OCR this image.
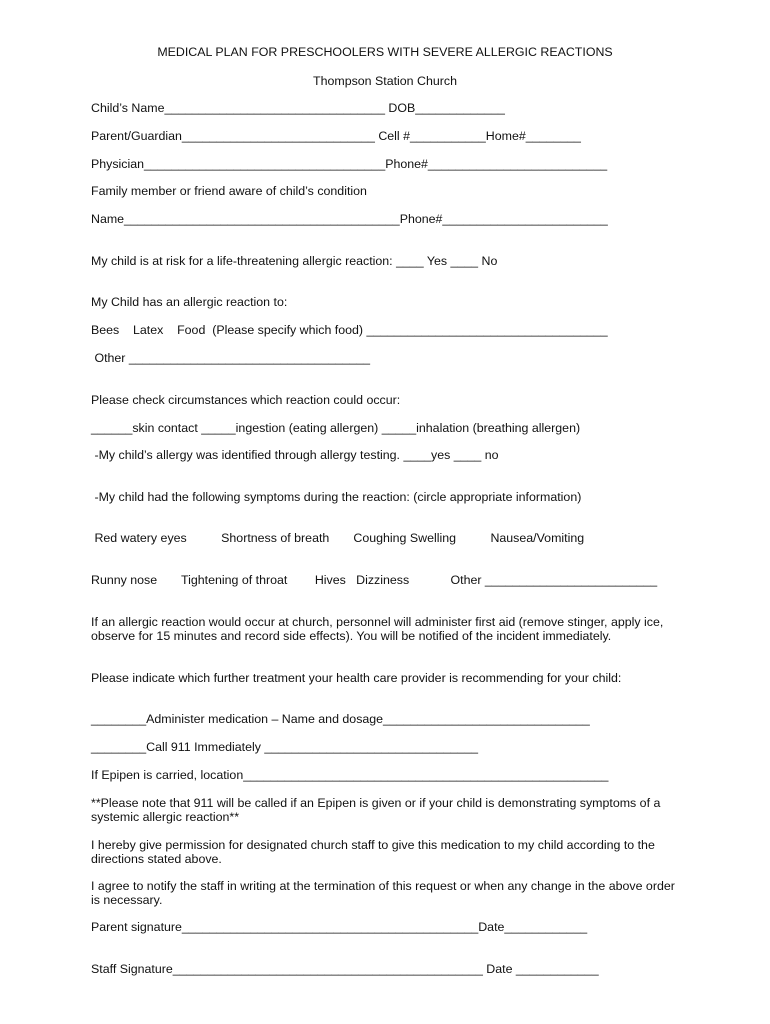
MEDICAL PLAN FOR PRESCHOOLERS WITH SEVERE ALLERGIC REACTIONS
Thompson Station Church
Child’s Name________________________________ DOB_____________
Parent/Guardian____________________________ Cell #___________Home#________
Physician___________________________________Phone#__________________________
Family member or friend aware of child’s condition
Name________________________________________Phone#________________________
My child is at risk for a life-threatening allergic reaction: ____ Yes ____ No
My Child has an allergic reaction to:
Bees    Latex    Food  (Please specify which food) ___________________________________
Other ___________________________________
Please check circumstances which reaction could occur:
______skin contact _____ingestion (eating allergen) _____inhalation (breathing allergen)
-My child’s allergy was identified through allergy testing. ____yes ____ no
-My child had the following symptoms during the reaction: (circle appropriate information)
Red watery eyes          Shortness of breath       Coughing Swelling          Nausea/Vomiting
Runny nose       Tightening of throat        Hives   Dizziness            Other _________________________
If an allergic reaction would occur at church, personnel will administer first aid (remove stinger, apply ice, observe for 15 minutes and record side effects). You will be notified of the incident immediately.
Please indicate which further treatment your health care provider is recommending for your child:
________Administer medication – Name and dosage______________________________
________Call 911 Immediately _______________________________
If Epipen is carried, location_____________________________________________________
**Please note that 911 will be called if an Epipen is given or if your child is demonstrating symptoms of a systemic allergic reaction**
I hereby give permission for designated church staff to give this medication to my child according to the directions stated above.
I agree to notify the staff in writing at the termination of this request or when any change in the above order is necessary.
Parent signature___________________________________________Date____________
Staff Signature_____________________________________________ Date ____________
